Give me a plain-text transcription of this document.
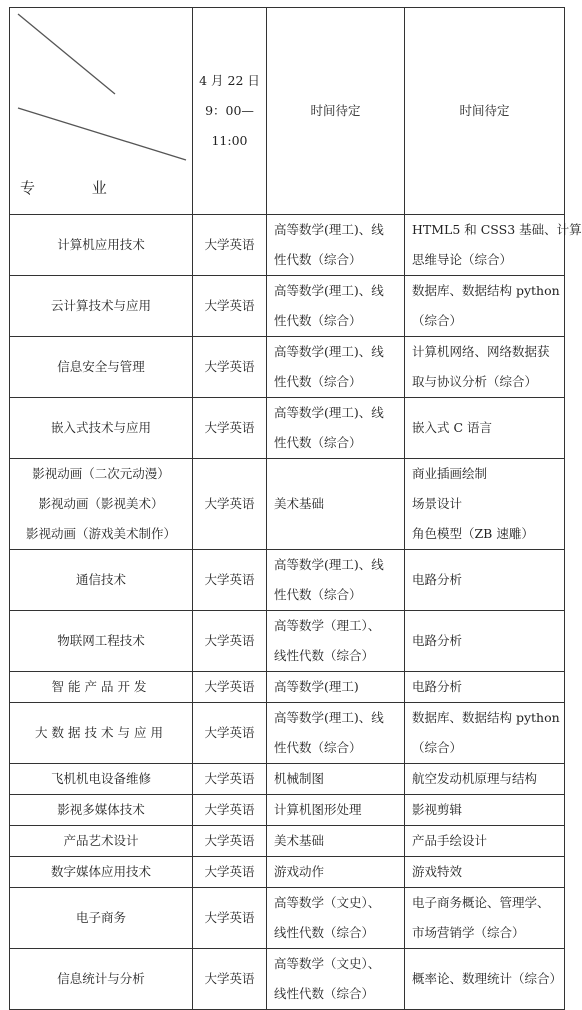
专 业	4 月 22 日
9：00—
11:00	时间待定	时间待定

计算机应用技术	大学英语	高等数学(理工)、线
性代数（综合）	HTML5 和 CSS3 基础、计算
思维导论（综合）

云计算技术与应用	大学英语	高等数学(理工)、线
性代数（综合）	数据库、数据结构 python
（综合）

信息安全与管理	大学英语	高等数学(理工)、线
性代数（综合）	计算机网络、网络数据获
取与协议分析（综合）

嵌入式技术与应用	大学英语	高等数学(理工)、线
性代数（综合）	嵌入式 C 语言

影视动画（二次元动漫）
影视动画（影视美术）
影视动画（游戏美术制作）	大学英语	美术基础	商业插画绘制
场景设计
角色模型（ZB 速雕）

通信技术	大学英语	高等数学(理工)、线
性代数（综合）	电路分析

物联网工程技术	大学英语	高等数学（理工）、
线性代数（综合）	电路分析

智能产品开发	大学英语	高等数学(理工)	电路分析

大数据技术与应用	大学英语	高等数学(理工)、线
性代数（综合）	数据库、数据结构 python
（综合）

飞机机电设备维修	大学英语	机械制图	航空发动机原理与结构

影视多媒体技术	大学英语	计算机图形处理	影视剪辑

产品艺术设计	大学英语	美术基础	产品手绘设计

数字媒体应用技术	大学英语	游戏动作	游戏特效

电子商务	大学英语	高等数学（文史）、
线性代数（综合）	电子商务概论、管理学、
市场营销学（综合）

信息统计与分析	大学英语	高等数学（文史）、
线性代数（综合）	概率论、数理统计（综合）
